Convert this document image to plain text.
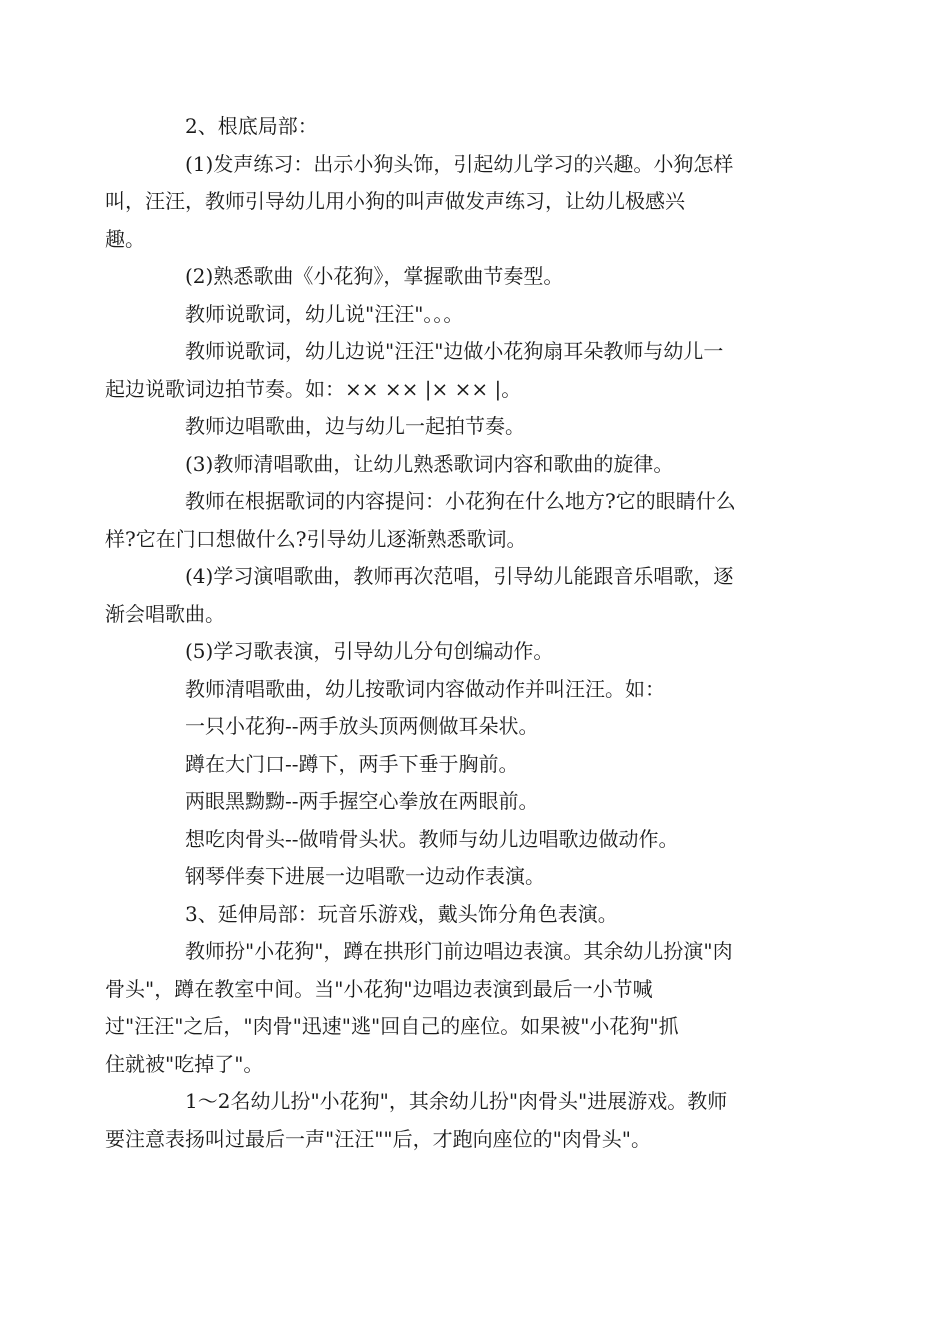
2、根底局部：

(1)发声练习：出示小狗头饰，引起幼儿学习的兴趣。小狗怎样
叫，汪汪，教师引导幼儿用小狗的叫声做发声练习，让幼儿极感兴
趣。

(2)熟悉歌曲《小花狗》，掌握歌曲节奏型。

教师说歌词，幼儿说"汪汪"。。。

教师说歌词，幼儿边说"汪汪"边做小花狗扇耳朵教师与幼儿一
起边说歌词边拍节奏。如：×× ×× |× ×× |。

教师边唱歌曲，边与幼儿一起拍节奏。

(3)教师清唱歌曲，让幼儿熟悉歌词内容和歌曲的旋律。

教师在根据歌词的内容提问：小花狗在什么地方?它的眼睛什么
样?它在门口想做什么?引导幼儿逐渐熟悉歌词。

(4)学习演唱歌曲，教师再次范唱，引导幼儿能跟音乐唱歌，逐
渐会唱歌曲。

(5)学习歌表演，引导幼儿分句创编动作。

教师清唱歌曲，幼儿按歌词内容做动作并叫汪汪。如：

一只小花狗--两手放头顶两侧做耳朵状。

蹲在大门口--蹲下，两手下垂于胸前。

两眼黑黝黝--两手握空心拳放在两眼前。

想吃肉骨头--做啃骨头状。教师与幼儿边唱歌边做动作。

钢琴伴奏下进展一边唱歌一边动作表演。

3、延伸局部：玩音乐游戏，戴头饰分角色表演。

教师扮"小花狗"，蹲在拱形门前边唱边表演。其余幼儿扮演"肉
骨头"，蹲在教室中间。当"小花狗"边唱边表演到最后一小节喊
过"汪汪"之后，"肉骨"迅速"逃"回自己的座位。如果被"小花狗"抓
住就被"吃掉了"。

1～2名幼儿扮"小花狗"，其余幼儿扮"肉骨头"进展游戏。教师
要注意表扬叫过最后一声"汪汪""后，才跑向座位的"肉骨头"。
